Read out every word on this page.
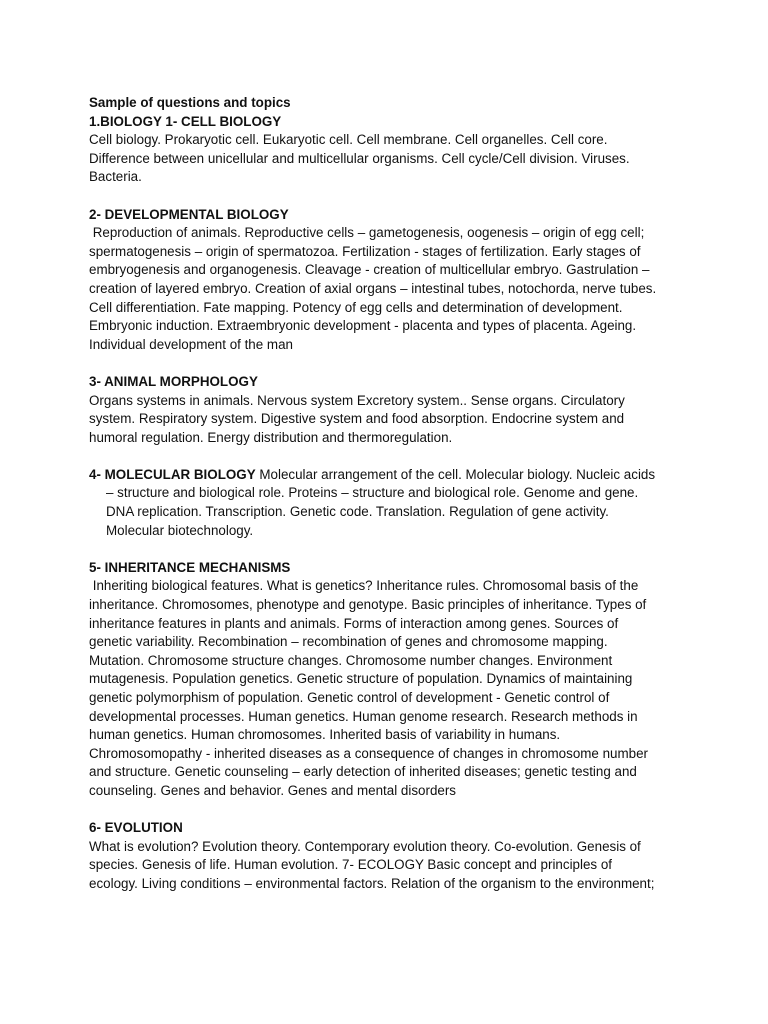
Sample of questions and topics
1.BIOLOGY 1- CELL BIOLOGY
Cell biology. Prokaryotic cell. Eukaryotic cell. Cell membrane. Cell organelles. Cell core.
Difference between unicellular and multicellular organisms. Cell cycle/Cell division. Viruses.
Bacteria.
2- DEVELOPMENTAL BIOLOGY
Reproduction of animals. Reproductive cells – gametogenesis, oogenesis – origin of egg cell;
spermatogenesis – origin of spermatozoa. Fertilization - stages of fertilization. Early stages of
embryogenesis and organogenesis. Cleavage - creation of multicellular embryo. Gastrulation –
creation of layered embryo. Creation of axial organs – intestinal tubes, notochorda, nerve tubes.
Cell differentiation. Fate mapping. Potency of egg cells and determination of development.
Embryonic induction. Extraembryonic development - placenta and types of placenta. Ageing.
Individual development of the man
3- ANIMAL MORPHOLOGY
Organs systems in animals. Nervous system Excretory system.. Sense organs. Circulatory
system. Respiratory system. Digestive system and food absorption. Endocrine system and
humoral regulation. Energy distribution and thermoregulation.
4- MOLECULAR BIOLOGY Molecular arrangement of the cell. Molecular biology. Nucleic acids
– structure and biological role. Proteins – structure and biological role. Genome and gene.
DNA replication. Transcription. Genetic code. Translation. Regulation of gene activity.
Molecular biotechnology.
5- INHERITANCE MECHANISMS
Inheriting biological features. What is genetics? Inheritance rules. Chromosomal basis of the
inheritance. Chromosomes, phenotype and genotype. Basic principles of inheritance. Types of
inheritance features in plants and animals. Forms of interaction among genes. Sources of
genetic variability. Recombination – recombination of genes and chromosome mapping.
Mutation. Chromosome structure changes. Chromosome number changes. Environment
mutagenesis. Population genetics. Genetic structure of population. Dynamics of maintaining
genetic polymorphism of population. Genetic control of development - Genetic control of
developmental processes. Human genetics. Human genome research. Research methods in
human genetics. Human chromosomes. Inherited basis of variability in humans.
Chromosomopathy - inherited diseases as a consequence of changes in chromosome number
and structure. Genetic counseling – early detection of inherited diseases; genetic testing and
counseling. Genes and behavior. Genes and mental disorders
6- EVOLUTION
What is evolution? Evolution theory. Contemporary evolution theory. Co-evolution. Genesis of
species. Genesis of life. Human evolution. 7- ECOLOGY Basic concept and principles of
ecology. Living conditions – environmental factors. Relation of the organism to the environment;
